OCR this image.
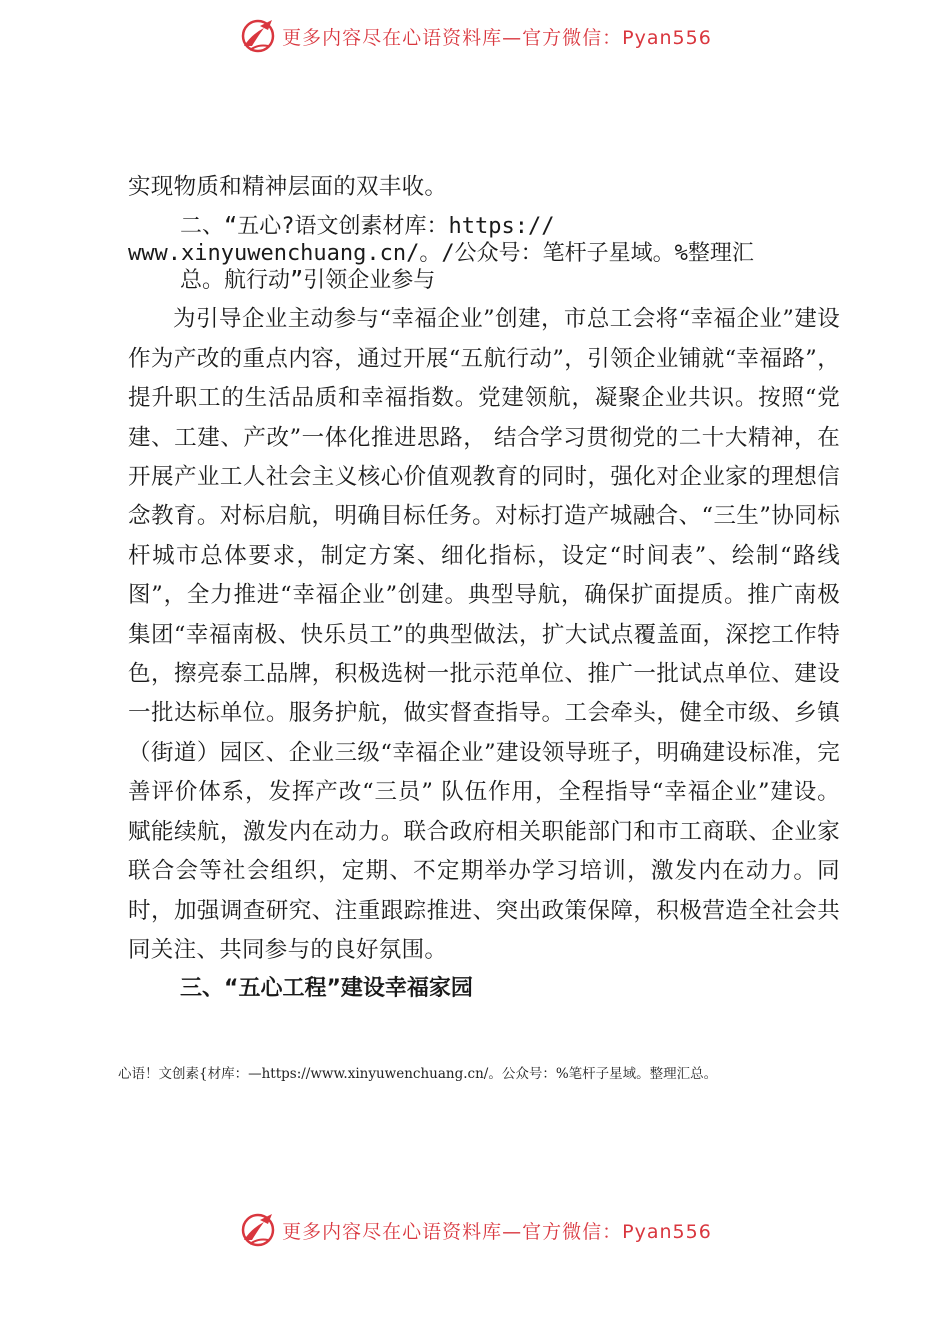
更多内容尽在心语资料库—官方微信：Pyan556

实现物质和精神层面的双丰收。

二、“五心?语文创素材库：https://
www.xinyuwenchuang.cn/。/公众号：笔杆子星域。%整理汇
总。航行动”引领企业参与

为引导企业主动参与“幸福企业”创建，市总工会将“幸福企业”建设作为产改的重点内容，通过开展“五航行动”，引领企业铺就“幸福路”，提升职工的生活品质和幸福指数。党建领航，凝聚企业共识。按照“党建、工建、产改”一体化推进思路， 结合学习贯彻党的二十大精神，在开展产业工人社会主义核心价值观教育的同时，强化对企业家的理想信念教育。对标启航，明确目标任务。对标打造产城融合、“三生”协同标杆城市总体要求，制定方案、细化指标，设定“时间表”、绘制“路线图”，全力推进“幸福企业”创建。典型导航，确保扩面提质。推广南极集团“幸福南极、快乐员工”的典型做法，扩大试点覆盖面，深挖工作特色，擦亮泰工品牌，积极选树一批示范单位、推广一批试点单位、建设一批达标单位。服务护航，做实督查指导。工会牵头，健全市级、乡镇（街道）园区、企业三级“幸福企业”建设领导班子，明确建设标准，完善评价体系，发挥产改“三员” 队伍作用，全程指导“幸福企业”建设。赋能续航，激发内在动力。联合政府相关职能部门和市工商联、企业家联合会等社会组织，定期、不定期举办学习培训，激发内在动力。同时，加强调查研究、注重跟踪推进、突出政策保障，积极营造全社会共同关注、共同参与的良好氛围。

三、“五心工程”建设幸福家园
心语！文创素{材库：—https://www.xinyuwenchuang.cn/。公众号：%笔杆子星域。整理汇总。
更多内容尽在心语资料库—官方微信：Pyan556
